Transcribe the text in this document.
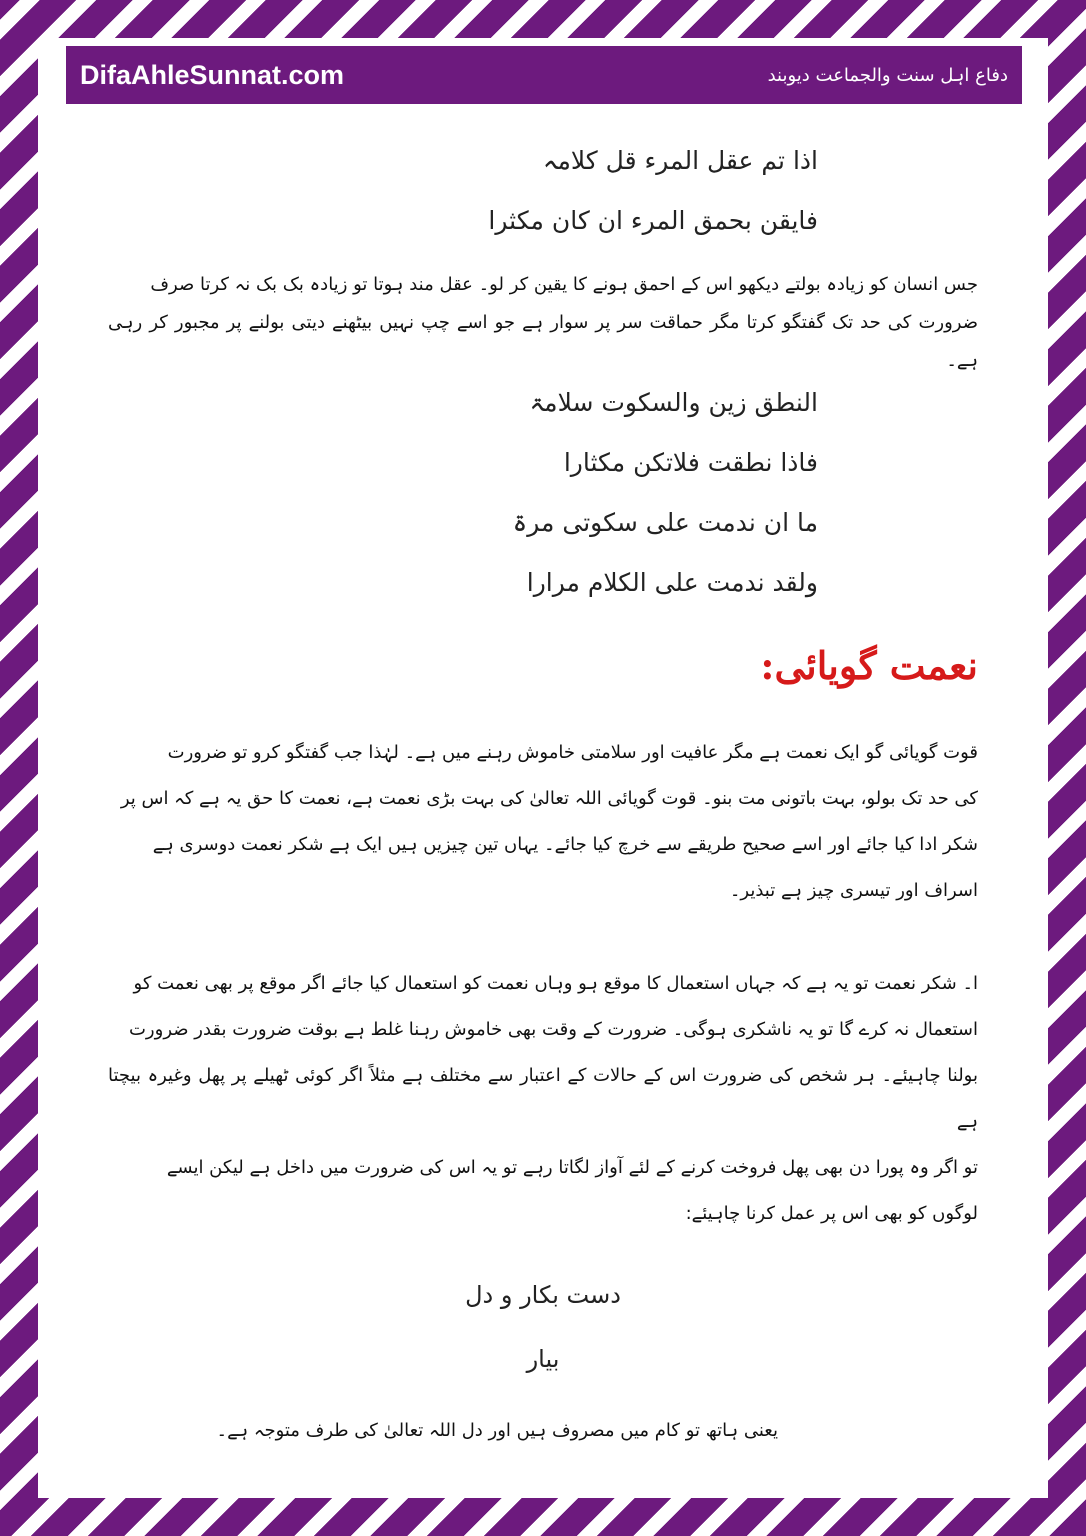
DifaAhleSunnat.com	دفاع اہل سنت والجماعت دیوبند
اذا تم عقل المرء قل کلامہ
فایقن بحمق المرء ان کان مکثرا

جس انسان کو زیادہ بولتے دیکھو اس کے احمق ہونے کا یقین کر لو۔ عقل مند ہوتا تو زیادہ بک بک نہ کرتا صرف

ضرورت کی حد تک گفتگو کرتا مگر حماقت سر پر سوار ہے جو اسے چپ نہیں بیٹھنے دیتی بولنے پر مجبور کر رہی ہے۔

النطق زین والسکوت سلامۃ
فاذا نطقت فلاتکن مکثارا
ما ان ندمت علی سکوتی مرۃ
ولقد ندمت علی الکلام مرارا
نعمت گویائی:

قوت گویائی گو ایک نعمت ہے مگر عافیت اور سلامتی خاموش رہنے میں ہے۔ لہٰذا جب گفتگو کرو تو ضرورت

کی حد تک بولو، بہت باتونی مت بنو۔ قوت گویائی اللہ تعالیٰ کی بہت بڑی نعمت ہے، نعمت کا حق یہ ہے کہ اس پر

شکر ادا کیا جائے اور اسے صحیح طریقے سے خرچ کیا جائے۔ یہاں تین چیزیں ہیں ایک ہے شکر نعمت دوسری ہے

اسراف اور تیسری چیز ہے تبذیر۔

ا۔ شکر نعمت تو یہ ہے کہ جہاں استعمال کا موقع ہو وہاں نعمت کو استعمال کیا جائے اگر موقع پر بھی نعمت کو

استعمال نہ کرے گا تو یہ ناشکری ہوگی۔ ضرورت کے وقت بھی خاموش رہنا غلط ہے بوقت ضرورت بقدر ضرورت

بولنا چاہیئے۔ ہر شخص کی ضرورت اس کے حالات کے اعتبار سے مختلف ہے مثلاً اگر کوئی ٹھیلے پر پھل وغیرہ بیچتا ہے

تو اگر وہ پورا دن بھی پھل فروخت کرنے کے لئے آواز لگاتا رہے تو یہ اس کی ضرورت میں داخل ہے لیکن ایسے

لوگوں کو بھی اس پر عمل کرنا چاہیئے:

دست بکار و دل
بیار
یعنی ہاتھ تو کام میں مصروف ہیں اور دل اللہ تعالیٰ کی طرف متوجہ ہے۔
